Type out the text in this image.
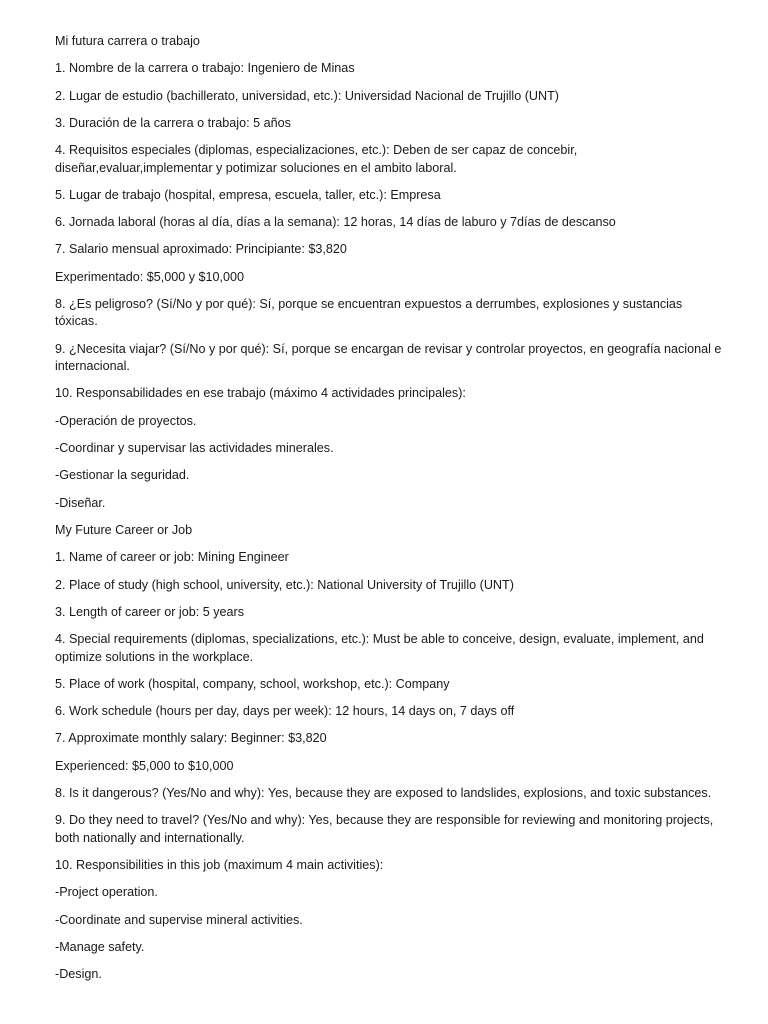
Mi futura carrera o trabajo

1. Nombre de la carrera o trabajo: Ingeniero de Minas

2. Lugar de estudio (bachillerato, universidad, etc.): Universidad Nacional de Trujillo (UNT)

3. Duración de la carrera o trabajo: 5 años

4. Requisitos especiales (diplomas, especializaciones, etc.): Deben de ser capaz de concebir, diseñar,evaluar,implementar y potimizar soluciones en el ambito laboral.

5. Lugar de trabajo (hospital, empresa, escuela, taller, etc.): Empresa

6. Jornada laboral (horas al día, días a la semana): 12 horas, 14 días de laburo y 7días de descanso

7. Salario mensual aproximado: Principiante: $3,820

Experimentado: $5,000 y $10,000

8. ¿Es peligroso? (Sí/No y por qué): Sí, porque se encuentran expuestos a derrumbes, explosiones y sustancias tóxicas.

9. ¿Necesita viajar? (Sí/No y por qué): Sí, porque se encargan de revisar y controlar proyectos, en geografía nacional e internacional.

10. Responsabilidades en ese trabajo (máximo 4 actividades principales):

-Operación de proyectos.

-Coordinar y supervisar las actividades minerales.

-Gestionar la seguridad.

-Diseñar.

My Future Career or Job

1. Name of career or job: Mining Engineer

2. Place of study (high school, university, etc.): National University of Trujillo (UNT)

3. Length of career or job: 5 years

4. Special requirements (diplomas, specializations, etc.): Must be able to conceive, design, evaluate, implement, and optimize solutions in the workplace.

5. Place of work (hospital, company, school, workshop, etc.): Company

6. Work schedule (hours per day, days per week): 12 hours, 14 days on, 7 days off

7. Approximate monthly salary: Beginner: $3,820

Experienced: $5,000 to $10,000

8. Is it dangerous? (Yes/No and why): Yes, because they are exposed to landslides, explosions, and toxic substances.

9. Do they need to travel? (Yes/No and why): Yes, because they are responsible for reviewing and monitoring projects, both nationally and internationally.

10. Responsibilities in this job (maximum 4 main activities):

-Project operation.

-Coordinate and supervise mineral activities.

-Manage safety.

-Design.
